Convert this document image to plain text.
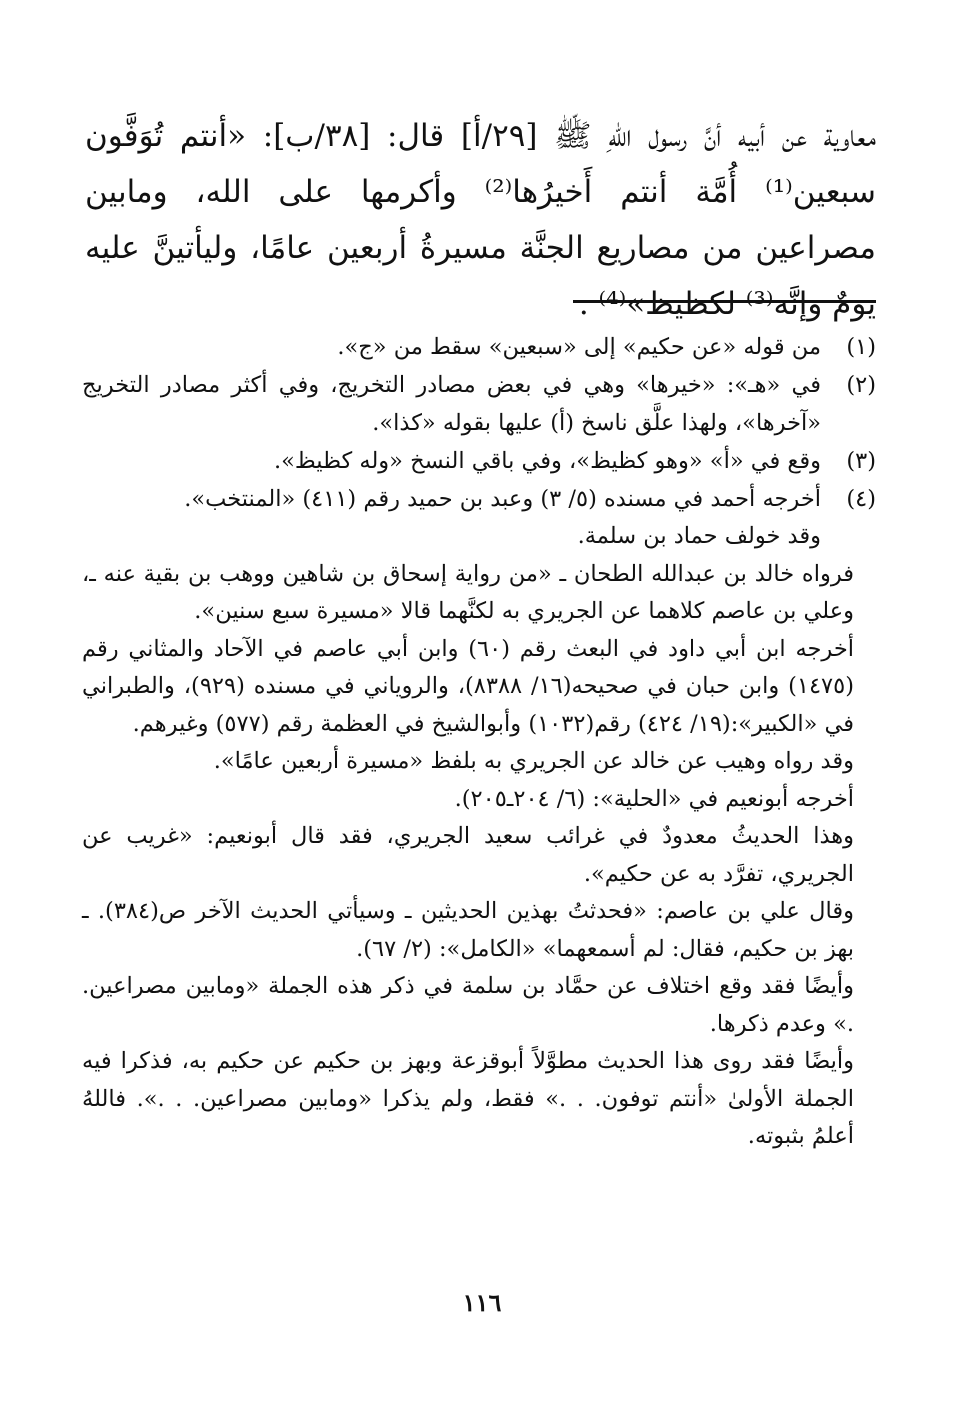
معاوية عن أبيه أنَّ رسول اللهِ ﷺ [٢٩/أ] قال: [٣٨/ب]: «أنتم تُوَفَّون سبعين⁽¹⁾ أُمَّة أنتم أَخيرُها⁽²⁾ وأكرمها على الله، ومابين مصراعين من مصاريع الجنَّة مسيرةُ أربعين عامًا، وليأتينَّ عليه يومٌ وإنَّه⁽³⁾ لكظيظ»⁽⁴⁾ .

(١)
من قوله «عن حكيم» إلى «سبعين» سقط من «ج».
(٢)
في «هـ»: «خيرها» وهي في بعض مصادر التخريج، وفي أكثر مصادر التخريج «آخرها»، ولهذا علَّق ناسخ (أ) عليها بقوله «كذا».
(٣)
وقع في «أ» «وهو كظيظ»، وفي باقي النسخ «وله كظيظ».
(٤)
أخرجه أحمد في مسنده (٥/ ٣) وعبد بن حميد رقم (٤١١) «المنتخب».

وقد خولف حماد بن سلمة.

فرواه خالد بن عبدالله الطحان ـ «من رواية إسحاق بن شاهين ووهب بن بقية عنه ـ، وعلي بن عاصم كلاهما عن الجريري به لكنَّهما قالا «مسيرة سبع سنين».

أخرجه ابن أبي داود في البعث رقم (٦٠) وابن أبي عاصم في الآحاد والمثاني رقم (١٤٧٥) وابن حبان في صحيحه(١٦/ ٨٣٨٨)، والروياني في مسنده (٩٢٩)، والطبراني في «الكبير»:(١٩/ ٤٢٤) رقم(١٠٣٢) وأبوالشيخ في العظمة رقم (٥٧٧) وغيرهم.

وقد رواه وهيب عن خالد عن الجريري به بلفظ «مسيرة أربعين عامًا».

أخرجه أبونعيم في «الحلية»: (٦/ ٢٠٤ـ٢٠٥).

وهذا الحديثُ معدودٌ في غرائب سعيد الجريري، فقد قال أبونعيم: «غريب عن الجريري، تفرَّد به عن حكيم».

وقال علي بن عاصم: «فحدثتُ بهذين الحديثين ـ وسيأتي الحديث الآخر ص(٣٨٤). ـ بهز بن حكيم، فقال: لم أسمعهما» «الكامل»: (٢/ ٦٧).

وأيضًا فقد وقع اختلاف عن حمَّاد بن سلمة في ذكر هذه الجملة «ومابين مصراعين. .» وعدم ذكرها.

وأيضًا فقد روى هذا الحديث مطوَّلاً أبوقزعة وبهز بن حكيم عن حكيم به، فذكرا فيه الجملة الأولىٰ «أنتم توفون. . .» فقط، ولم يذكرا «ومابين مصراعين. . .». فاللهُ أعلمُ بثبوته.

١١٦
